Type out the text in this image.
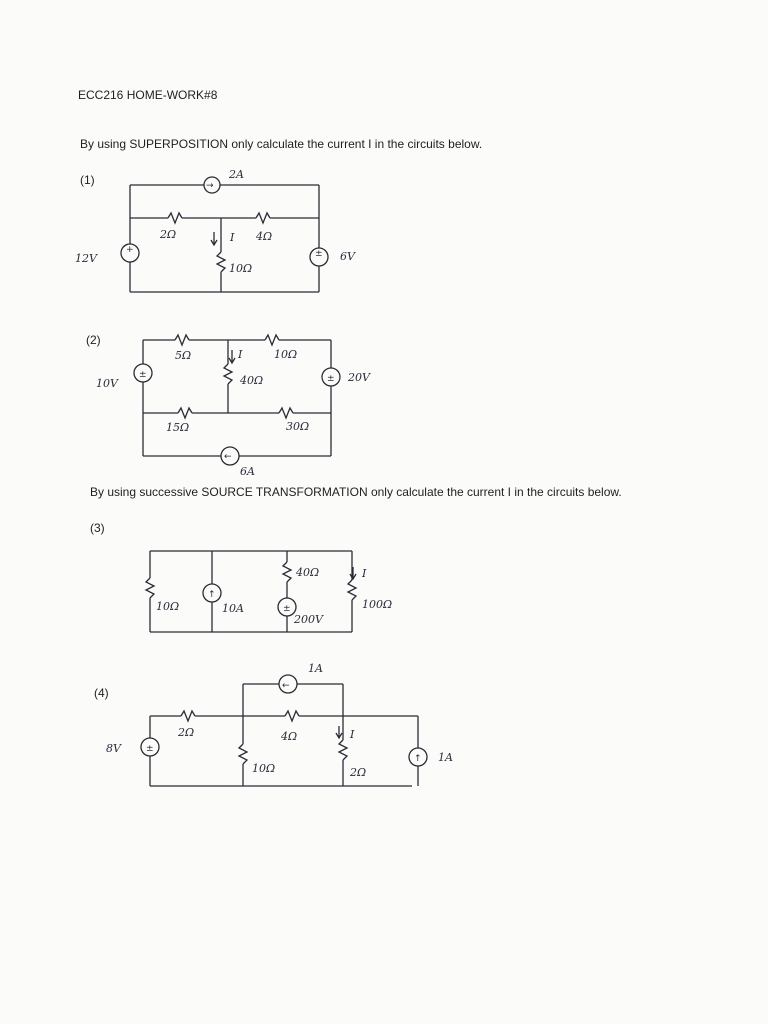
ECC216 HOME-WORK#8
By using SUPERPOSITION only calculate the current I in the circuits below.
(1)
(2)
By using successive SOURCE TRANSFORMATION only calculate the current I in the circuits below.
(3)
(4)
→
+	±
±	±
←
↑
±
←
±
↑
2A
2Ω	I 4Ω
10Ω
12V	6V
5Ω	I	10Ω
40Ω
10V	20V
15Ω	30Ω
6A
10Ω	10A
40Ω
200V
I
100Ω
1A
8V
2Ω	4Ω	I
10Ω	2Ω
1A
